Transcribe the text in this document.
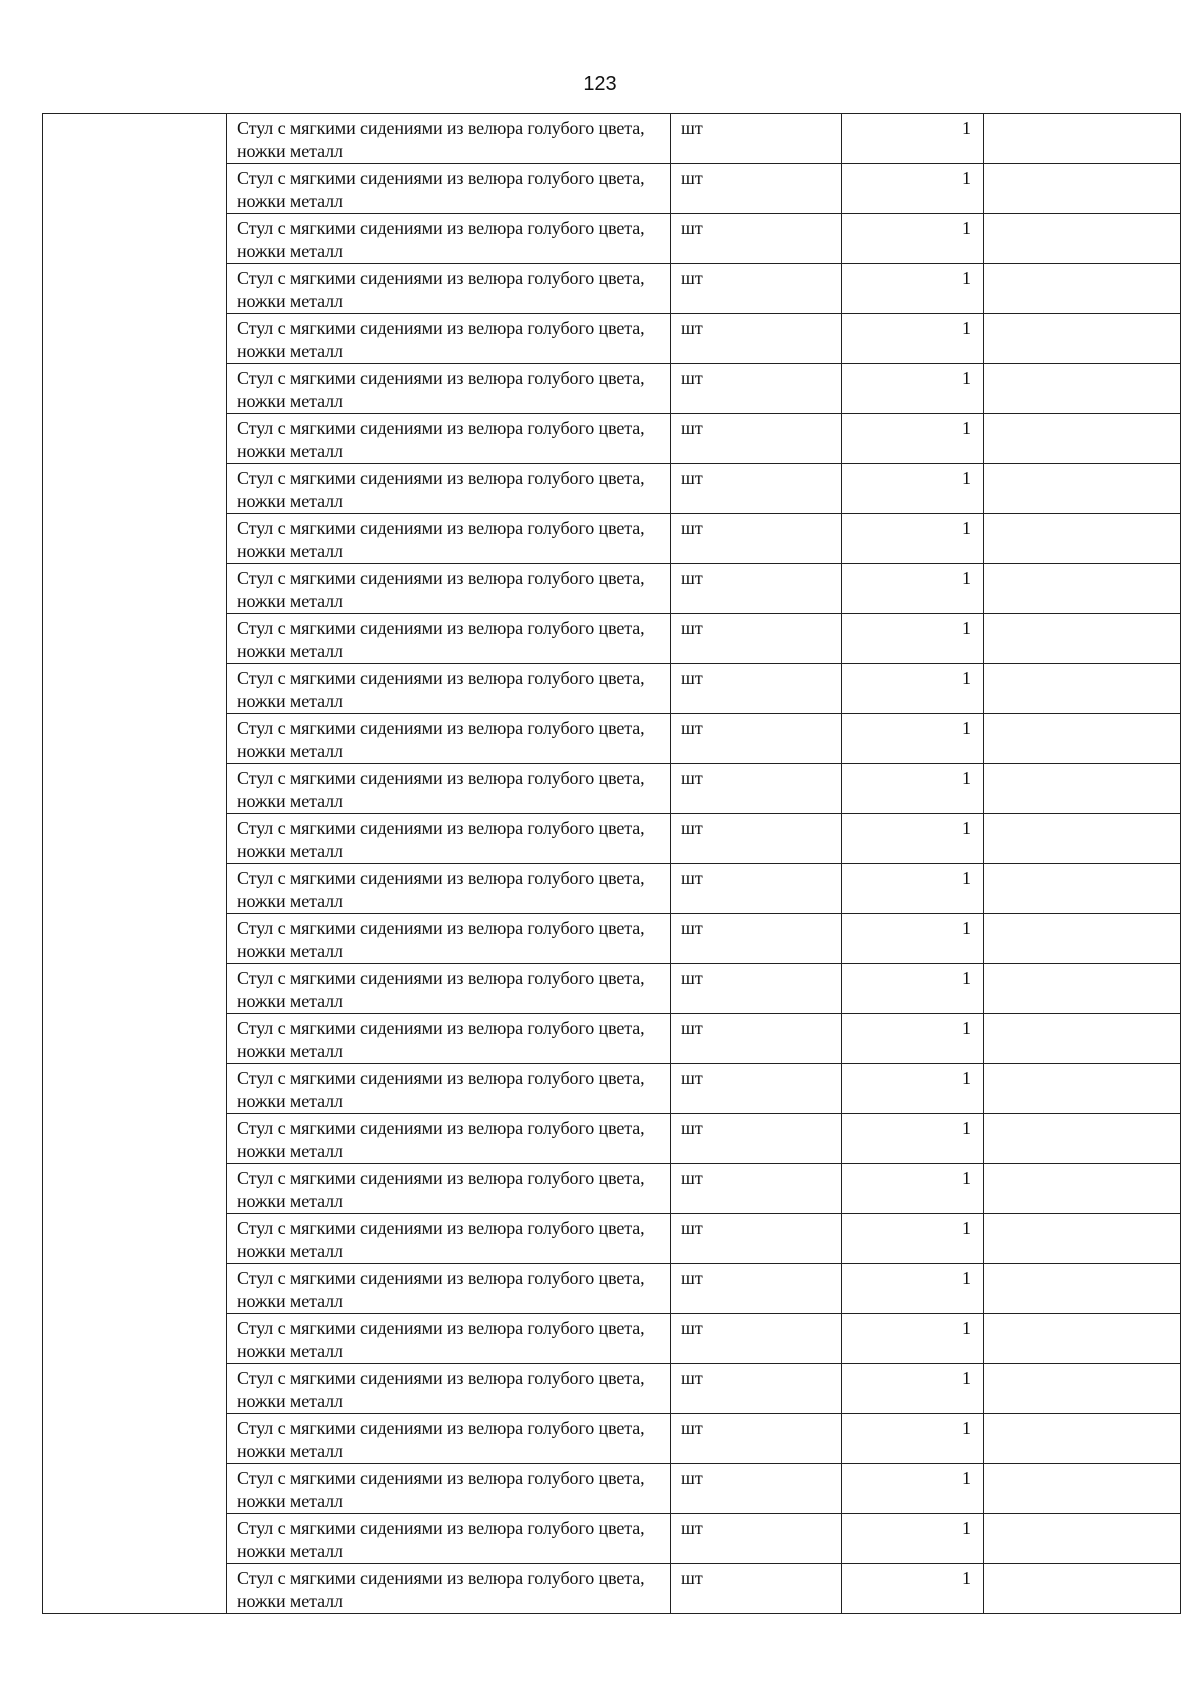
123

	Стул с мягкими сидениями из велюра голубого цвета, ножки металл	шт	1	

	Стул с мягкими сидениями из велюра голубого цвета, ножки металл	шт	1	

	Стул с мягкими сидениями из велюра голубого цвета, ножки металл	шт	1	

	Стул с мягкими сидениями из велюра голубого цвета, ножки металл	шт	1	

	Стул с мягкими сидениями из велюра голубого цвета, ножки металл	шт	1	

	Стул с мягкими сидениями из велюра голубого цвета, ножки металл	шт	1	

	Стул с мягкими сидениями из велюра голубого цвета, ножки металл	шт	1	

	Стул с мягкими сидениями из велюра голубого цвета, ножки металл	шт	1	

	Стул с мягкими сидениями из велюра голубого цвета, ножки металл	шт	1	

	Стул с мягкими сидениями из велюра голубого цвета, ножки металл	шт	1	

	Стул с мягкими сидениями из велюра голубого цвета, ножки металл	шт	1	

	Стул с мягкими сидениями из велюра голубого цвета, ножки металл	шт	1	

	Стул с мягкими сидениями из велюра голубого цвета, ножки металл	шт	1	

	Стул с мягкими сидениями из велюра голубого цвета, ножки металл	шт	1	

	Стул с мягкими сидениями из велюра голубого цвета, ножки металл	шт	1	

	Стул с мягкими сидениями из велюра голубого цвета, ножки металл	шт	1	

	Стул с мягкими сидениями из велюра голубого цвета, ножки металл	шт	1	

	Стул с мягкими сидениями из велюра голубого цвета, ножки металл	шт	1	

	Стул с мягкими сидениями из велюра голубого цвета, ножки металл	шт	1	

	Стул с мягкими сидениями из велюра голубого цвета, ножки металл	шт	1	

	Стул с мягкими сидениями из велюра голубого цвета, ножки металл	шт	1	

	Стул с мягкими сидениями из велюра голубого цвета, ножки металл	шт	1	

	Стул с мягкими сидениями из велюра голубого цвета, ножки металл	шт	1	

	Стул с мягкими сидениями из велюра голубого цвета, ножки металл	шт	1	

	Стул с мягкими сидениями из велюра голубого цвета, ножки металл	шт	1	

	Стул с мягкими сидениями из велюра голубого цвета, ножки металл	шт	1	

	Стул с мягкими сидениями из велюра голубого цвета, ножки металл	шт	1	

	Стул с мягкими сидениями из велюра голубого цвета, ножки металл	шт	1	

	Стул с мягкими сидениями из велюра голубого цвета, ножки металл	шт	1	

	Стул с мягкими сидениями из велюра голубого цвета, ножки металл	шт	1	
